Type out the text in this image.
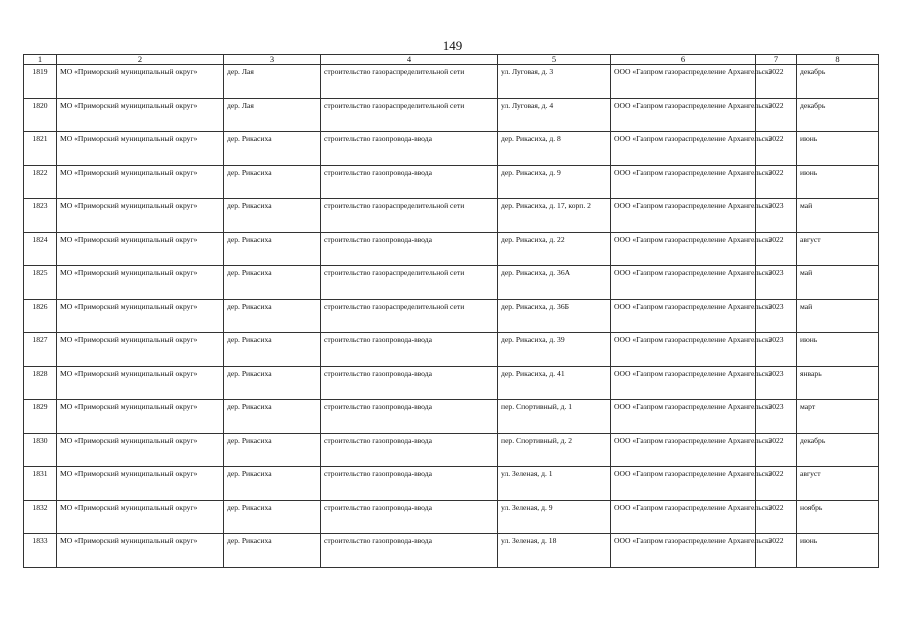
149
1	2	3	4	5	6	7	8
1819	МО «Приморский муниципальный округ»	дер. Лая	строительство газораспределительной сети	ул. Луговая, д. 3	ООО «Газпром газораспределение Архангельск»	2022	декабрь
1820	МО «Приморский муниципальный округ»	дер. Лая	строительство газораспределительной сети	ул. Луговая, д. 4	ООО «Газпром газораспределение Архангельск»	2022	декабрь
1821	МО «Приморский муниципальный округ»	дер. Рикасиха	строительство газопровода-ввода	дер. Рикасиха, д. 8	ООО «Газпром газораспределение Архангельск»	2022	июнь
1822	МО «Приморский муниципальный округ»	дер. Рикасиха	строительство газопровода-ввода	дер. Рикасиха, д. 9	ООО «Газпром газораспределение Архангельск»	2022	июнь
1823	МО «Приморский муниципальный округ»	дер. Рикасиха	строительство газораспределительной сети	дер. Рикасиха, д. 17, корп. 2	ООО «Газпром газораспределение Архангельск»	2023	май
1824	МО «Приморский муниципальный округ»	дер. Рикасиха	строительство газопровода-ввода	дер. Рикасиха, д. 22	ООО «Газпром газораспределение Архангельск»	2022	август
1825	МО «Приморский муниципальный округ»	дер. Рикасиха	строительство газораспределительной сети	дер. Рикасиха, д. 36А	ООО «Газпром газораспределение Архангельск»	2023	май
1826	МО «Приморский муниципальный округ»	дер. Рикасиха	строительство газораспределительной сети	дер. Рикасиха, д. 36Б	ООО «Газпром газораспределение Архангельск»	2023	май
1827	МО «Приморский муниципальный округ»	дер. Рикасиха	строительство газопровода-ввода	дер. Рикасиха, д. 39	ООО «Газпром газораспределение Архангельск»	2023	июнь
1828	МО «Приморский муниципальный округ»	дер. Рикасиха	строительство газопровода-ввода	дер. Рикасиха, д. 41	ООО «Газпром газораспределение Архангельск»	2023	январь
1829	МО «Приморский муниципальный округ»	дер. Рикасиха	строительство газопровода-ввода	пер. Спортивный, д. 1	ООО «Газпром газораспределение Архангельск»	2023	март
1830	МО «Приморский муниципальный округ»	дер. Рикасиха	строительство газопровода-ввода	пер. Спортивный, д. 2	ООО «Газпром газораспределение Архангельск»	2022	декабрь
1831	МО «Приморский муниципальный округ»	дер. Рикасиха	строительство газопровода-ввода	ул. Зеленая, д. 1	ООО «Газпром газораспределение Архангельск»	2022	август
1832	МО «Приморский муниципальный округ»	дер. Рикасиха	строительство газопровода-ввода	ул. Зеленая, д. 9	ООО «Газпром газораспределение Архангельск»	2022	ноябрь
1833	МО «Приморский муниципальный округ»	дер. Рикасиха	строительство газопровода-ввода	ул. Зеленая, д. 18	ООО «Газпром газораспределение Архангельск»	2022	июнь
